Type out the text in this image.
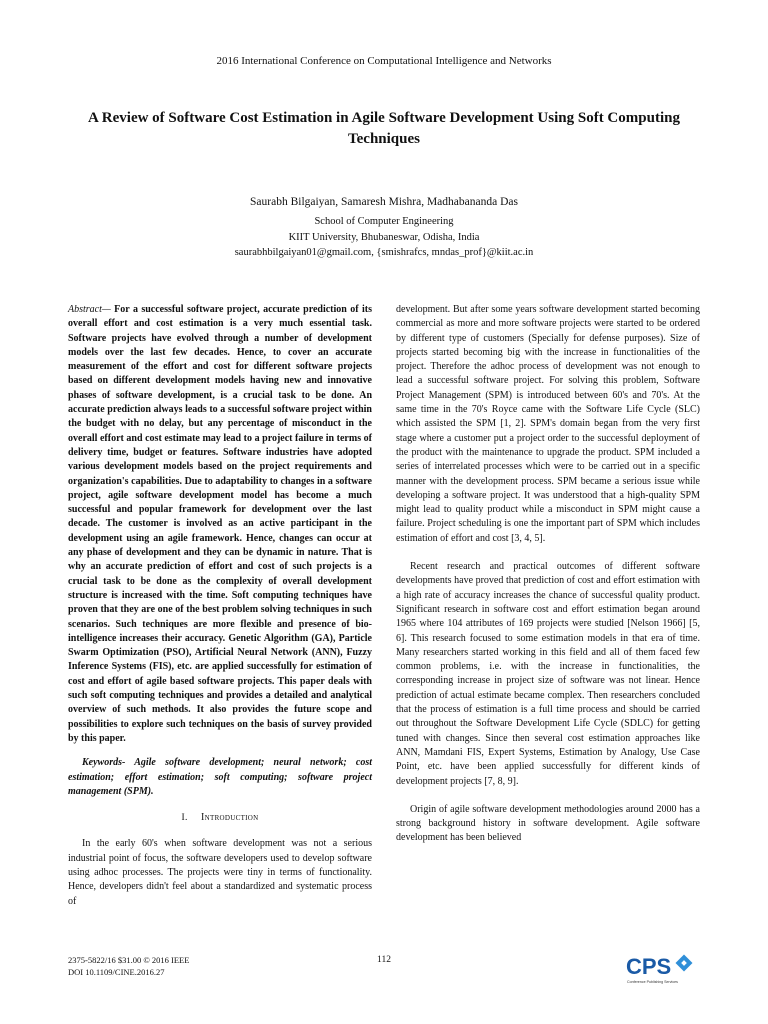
2016 International Conference on Computational Intelligence and Networks
A Review of Software Cost Estimation in Agile Software Development Using Soft Computing Techniques
Saurabh Bilgaiyan, Samaresh Mishra, Madhabananda Das
School of Computer Engineering
KIIT University, Bhubaneswar, Odisha, India
saurabhbilgaiyan01@gmail.com, {smishrafcs, mndas_prof}@kiit.ac.in

Abstract— For a successful software project, accurate prediction of its overall effort and cost estimation is a very much essential task. Software projects have evolved through a number of development models over the last few decades. Hence, to cover an accurate measurement of the effort and cost for different software projects based on different development models having new and innovative phases of software development, is a crucial task to be done. An accurate prediction always leads to a successful software project within the budget with no delay, but any percentage of misconduct in the overall effort and cost estimate may lead to a project failure in terms of delivery time, budget or features. Software industries have adopted various development models based on the project requirements and organization's capabilities. Due to adaptability to changes in a software project, agile software development model has become a much successful and popular framework for development over the last decade. The customer is involved as an active participant in the development using an agile framework. Hence, changes can occur at any phase of development and they can be dynamic in nature. That is why an accurate prediction of effort and cost of such projects is a crucial task to be done as the complexity of overall development structure is increased with the time. Soft computing techniques have proven that they are one of the best problem solving techniques in such scenarios. Such techniques are more flexible and presence of bio-intelligence increases their accuracy. Genetic Algorithm (GA), Particle Swarm Optimization (PSO), Artificial Neural Network (ANN), Fuzzy Inference Systems (FIS), etc. are applied successfully for estimation of cost and effort of agile based software projects. This paper deals with such soft computing techniques and provides a detailed and analytical overview of such methods. It also provides the future scope and possibilities to explore such techniques on the basis of survey provided by this paper.

Keywords- Agile software development; neural network; cost estimation; effort estimation; soft computing; software project management (SPM).

I. Introduction

In the early 60's when software development was not a serious industrial point of focus, the software developers used to develop software using adhoc processes. The projects were tiny in terms of functionality. Hence, developers didn't feel about a standardized and systematic process of

development. But after some years software development started becoming commercial as more and more software projects were started to be ordered by different type of customers (Specially for defense purposes). Size of projects started becoming big with the increase in functionalities of the project. Therefore the adhoc process of development was not enough to lead a successful software project. For solving this problem, Software Project Management (SPM) is introduced between 60's and 70's. At the same time in the 70's Royce came with the Software Life Cycle (SLC) which assisted the SPM [1, 2]. SPM's domain began from the very first stage where a customer put a project order to the successful deployment of the product with the maintenance to upgrade the product. SPM included a series of interrelated processes which were to be carried out in a specific manner with the development process. SPM became a serious issue while developing a software project. It was understood that a high-quality SPM might lead to quality product while a misconduct in SPM might cause a failure. Project scheduling is one the important part of SPM which includes estimation of effort and cost [3, 4, 5].

Recent research and practical outcomes of different software developments have proved that prediction of cost and effort estimation with a high rate of accuracy increases the chance of successful quality product. Significant research in software cost and effort estimation began around 1965 where 104 attributes of 169 projects were studied [Nelson 1966] [5, 6]. This research focused to some estimation models in that era of time. Many researchers started working in this field and all of them faced few common problems, i.e. with the increase in functionalities, the corresponding increase in project size of software was not linear. Hence prediction of actual estimate became complex. Then researchers concluded that the process of estimation is a full time process and should be carried out throughout the Software Development Life Cycle (SDLC) for getting tuned with changes. Since then several cost estimation approaches like ANN, Mamdani FIS, Expert Systems, Estimation by Analogy, Use Case Point, etc. have been applied successfully for different kinds of development projects [7, 8, 9].

Origin of agile software development methodologies around 2000 has a strong background history in software development. Agile software development has been believed

2375-5822/16 $31.00 © 2016 IEEE
DOI 10.1109/CINE.2016.27
112	CPS
Conference Publishing Services
